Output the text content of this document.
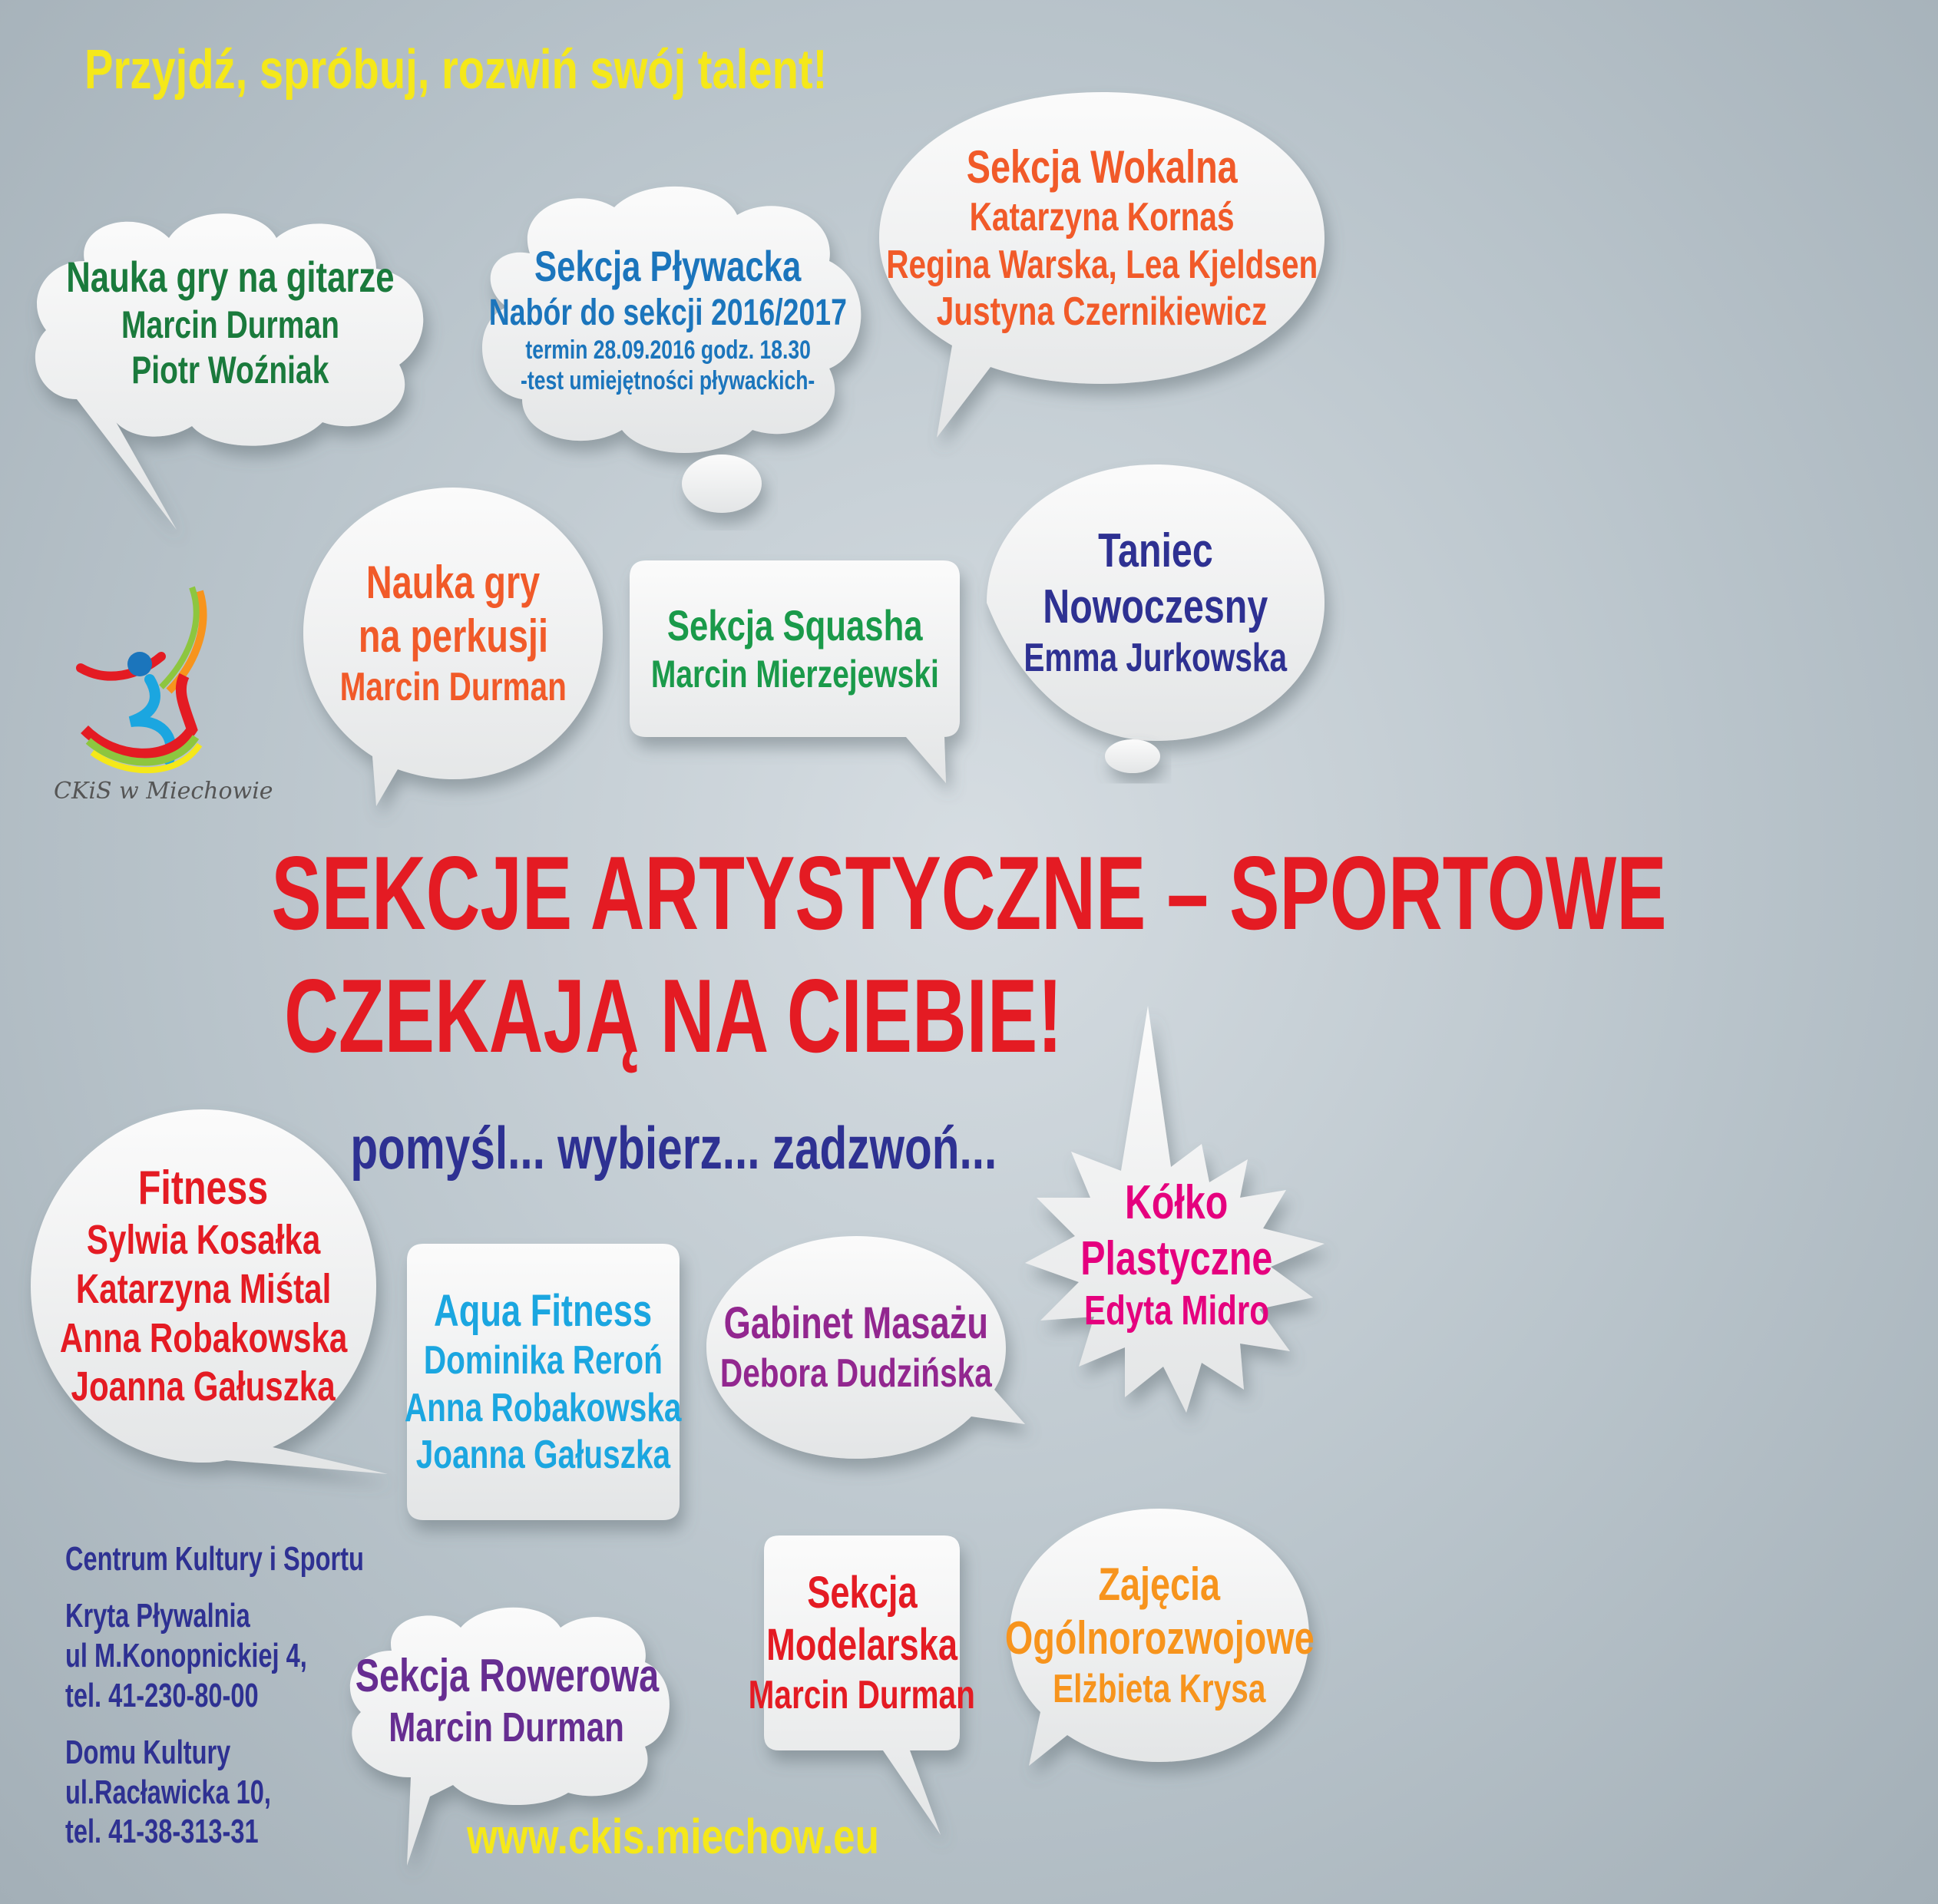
Przyjdź, spróbuj, rozwiń swój talent!
Nauka gry na gitarze
Marcin Durman
Piotr Woźniak
Sekcja Pływacka
Nabór do sekcji 2016/2017
termin 28.09.2016 godz. 18.30
-test umiejętności pływackich-
Sekcja Wokalna
Katarzyna Kornaś
Regina Warska, Lea Kjeldsen
Justyna Czernikiewicz
Nauka gry
na perkusji
Marcin Durman
Sekcja Squasha
Marcin Mierzejewski
Taniec
Nowoczesny
Emma Jurkowska
CKiS w Miechowie
SEKCJE ARTYSTYCZNE – SPORTOWE
CZEKAJĄ NA CIEBIE!
pomyśl... wybierz... zadzwoń...
Fitness
Sylwia Kosałka
Katarzyna Miśtal
Anna Robakowska
Joanna Gałuszka
Aqua Fitness
Dominika Reroń
Anna Robakowska
Joanna Gałuszka
Gabinet Masażu
Debora Dudzińska
Kółko
Plastyczne
Edyta Midro
Sekcja Rowerowa
Marcin Durman
Sekcja
Modelarska
Marcin Durman
Zajęcia
Ogólnorozwojowe
Elżbieta Krysa
Centrum Kultury i Sportu
Kryta Pływalnia
ul M.Konopnickiej 4,
tel. 41-230-80-00
Domu Kultury
ul.Racławicka 10,
tel. 41-38-313-31	www.ckis.miechow.eu
